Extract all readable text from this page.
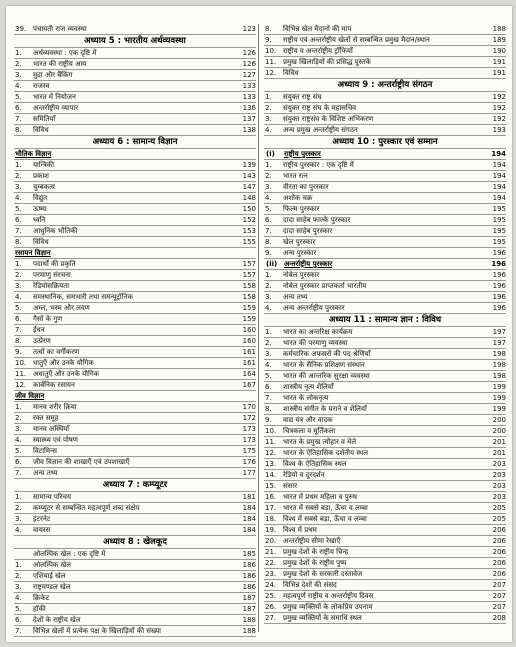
39. पंचायती राज व्यवस्था	123
अध्याय 5 : भारतीय अर्थव्यवस्था
1.	अर्थव्यवस्था : एक दृष्टि में	126
2.	भारत की राष्ट्रीय आय	126
3.	मुद्रा और बैंकिंग	127
4.	राजस्व	133
5.	भारत में नियोजन	133
6.	अन्तर्राष्ट्रीय व्यापार	136
7.	समितियाँ	137
8.	विविध	138
अध्याय 6 : सामान्य विज्ञान
भौतिक विज्ञान
1.	यान्त्रिकी	139
2.	प्रकाश	143
3.	चुम्बकत्व	147
4.	विद्युत	148
5.	ऊष्मा	150
6.	ध्वनि	152
7.	आधुनिक भौतिकी	153
8.	विविध	155
रसायन विज्ञान
1.	पदार्थों की प्रकृति	157
2.	परमाणु संरचना	157
3.	रेडियोसक्रियता	158
4.	समस्थानिक, समभारी तथा समन्यूट्रॉनिक	158
5.	अम्ल, भस्म और लवण	159
6.	गैसों के गुण	159
7.	ईंधन	160
8.	उत्प्रेरण	160
9.	तत्वों का वर्गीकरण	161
10. धातुएँ और उनके यौगिक	161
11. अधातुएँ और उनके यौगिक	164
12. कार्बनिक रसायन	167
जीव विज्ञान
1.	मानव शरीर क्रिया	170
2.	रक्त समूह	172
3.	मानव अस्थियाँ	173
4.	स्वास्थ्य एवं पोषण	173
5.	विटामिन्स	175
6.	जीव विज्ञान की शाखाएँ एवं उपशाखाएँ	176
7.	अन्य तथ्य	177
अध्याय 7 : कम्प्यूटर
1.	सामान्य परिचय	181
2.	कम्प्यूटर से सम्बन्धित महत्वपूर्ण शब्द संक्षेप	184
3.	इंटरनेट	184
4.	वायरस	184
अध्याय 8 : खेलकूद
ओलम्पिक खेल : एक दृष्टि में	185
1.	ओलम्पिक खेल	186
2.	एशियाई खेल	186
3.	राष्ट्रमण्डल खेल	186
4.	क्रिकेट	187
5.	हॉकी	187
6.	देशों के राष्ट्रीय खेल	188
7.	विभिन्न खेलों में प्रत्येक पक्ष के खिलाड़ियों की संख्या	188
8.	विभिन्न खेल मैदानों की माप	188
9.	राष्ट्रीय एवं अन्तर्राष्ट्रीय खेलों से सम्बन्धित प्रमुख मैदान/स्थान	189
10. राष्ट्रीय व अन्तर्राष्ट्रीय ट्रॉफियाँ	190
11. प्रमुख खिलाड़ियों की प्रसिद्ध पुस्तकें	191
12. विविध	191
अध्याय 9 : अन्तर्राष्ट्रीय संगठन
1.	संयुक्त राष्ट्र संघ	192
2.	संयुक्त राष्ट्र संघ के महासचिव	192
3.	संयुक्त राष्ट्रसंघ के विशिष्ट अभिकरण	192
4.	अन्य प्रमुख अन्तर्राष्ट्रीय संगठन	193
अध्याय 10 : पुरस्कार एवं सम्मान
(i)	राष्ट्रीय पुरस्कार	194
1.	राष्ट्रीय पुरस्कार : एक दृष्टि में	194
2.	भारत रत्न	194
3.	वीरता का पुरस्कार	194
4.	अशोक चक्र	194
5.	फिल्म पुरस्कार	195
6.	दादा साहेब फाल्के पुरस्कार	195
7.	दादा साहेब पुरस्कार	195
8.	खेल पुरस्कार	195
9.	अन्य पुरस्कार	196
(ii) अन्तर्राष्ट्रीय पुरस्कार	196
1.	नोबेल पुरस्कार	196
2.	नोबेल पुरस्कार प्राप्तकर्ता भारतीय	196
3.	अन्य तथ्य	196
4.	अन्य अन्तर्राष्ट्रीय पुरस्कार	196
अध्याय 11 : सामान्य ज्ञान : विविध
1.	भारत का अन्तरिक्ष कार्यक्रम	197
2.	भारत की परमाणु व्यवस्था	197
3.	कर्मचारिक अफसरों की पद श्रेणियाँ	198
4.	भारत के सैनिक प्रशिक्षण संस्थान	198
5.	भारत की आन्तरिक सुरक्षा व्यवस्था	198
6.	शास्त्रीय नृत्य शैलियाँ	199
7.	भारत के लोकनृत्य	199
8.	शास्त्रीय संगीत के घराने व शैलियाँ	199
9.	वाद्य यंत्र और वादक	200
10. चित्रकला व मूर्तिकला	200
11. भारत के प्रमुख त्यौहार व मेले	201
12. भारत के ऐतिहासिक दर्शनीय स्थल	201
13. विश्व के ऐतिहासिक स्थल	203
14. रेडियो व दूरदर्शन	203
15. संसार	203
16. भारत में प्रथम महिला व पुरुष	203
17. भारत में सबसे बड़ा, ऊँचा व लम्बा	205
18. विश्व में सबसे बड़ा, ऊँचा व लम्बा	205
19. विश्व में प्रथम	206
20. अन्तर्राष्ट्रीय सीमा रेखाएँ	206
21. प्रमुख देशों के राष्ट्रीय चिन्ह	206
22. प्रमुख देशों के राष्ट्रीय पुष्प	206
23. प्रमुख देशों के सरकारी दस्तावेज	206
24. विभिन्न देशों की संसद	207
25. महत्वपूर्ण राष्ट्रीय व अन्तर्राष्ट्रीय दिवस	207
26. प्रमुख व्यक्तियों के लोकप्रिय उपनाम	207
27. प्रमुख व्यक्तियों के समाधि स्थल	208
